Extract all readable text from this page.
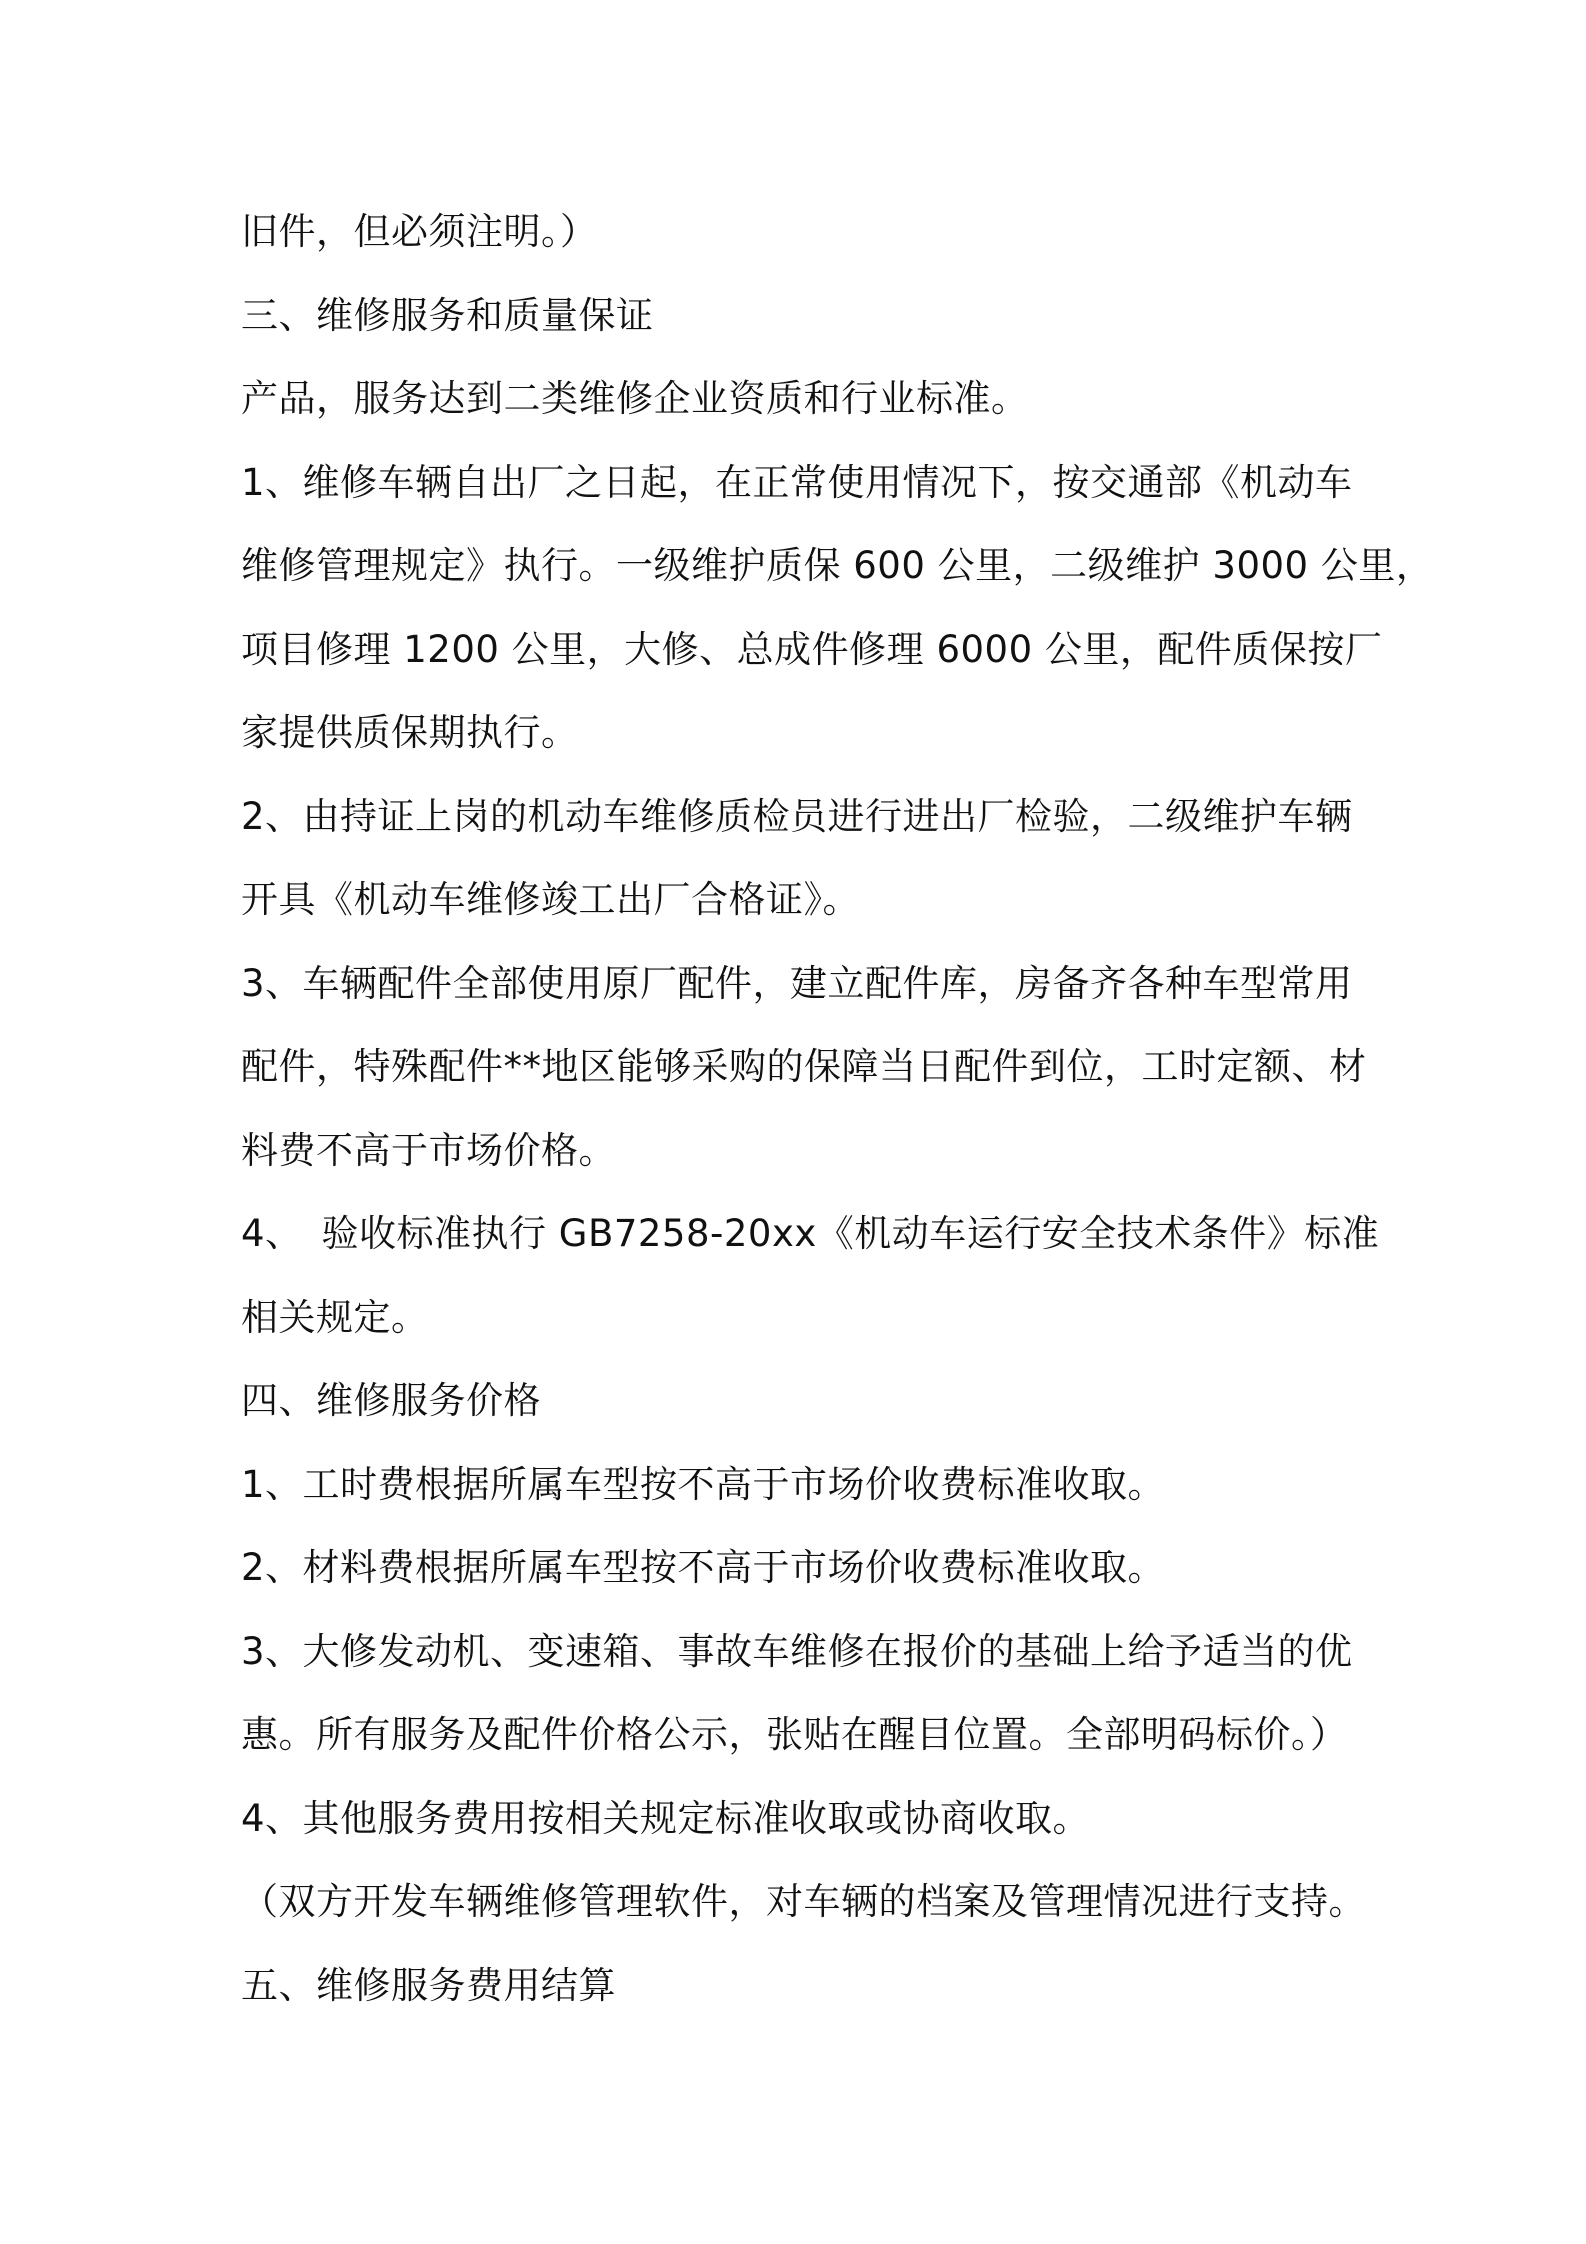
旧件，但必须注明。）
三、维修服务和质量保证
产品，服务达到二类维修企业资质和行业标准。
1、维修车辆自出厂之日起，在正常使用情况下，按交通部《机动车
维修管理规定》执行。一级维护质保 600 公里，二级维护 3000 公里，
项目修理 1200 公里，大修、总成件修理 6000 公里，配件质保按厂
家提供质保期执行。
2、由持证上岗的机动车维修质检员进行进出厂检验，二级维护车辆
开具《机动车维修竣工出厂合格证》。
3、车辆配件全部使用原厂配件，建立配件库，房备齐各种车型常用
配件，特殊配件**地区能够采购的保障当日配件到位，工时定额、材
料费不高于市场价格。
4、　验收标准执行 GB7258-20xx《机动车运行安全技术条件》标准
相关规定。
四、维修服务价格
1、工时费根据所属车型按不高于市场价收费标准收取。
2、材料费根据所属车型按不高于市场价收费标准收取。
3、大修发动机、变速箱、事故车维修在报价的基础上给予适当的优
惠。所有服务及配件价格公示，张贴在醒目位置。全部明码标价。）
4、其他服务费用按相关规定标准收取或协商收取。
（双方开发车辆维修管理软件，对车辆的档案及管理情况进行支持。
五、维修服务费用结算
